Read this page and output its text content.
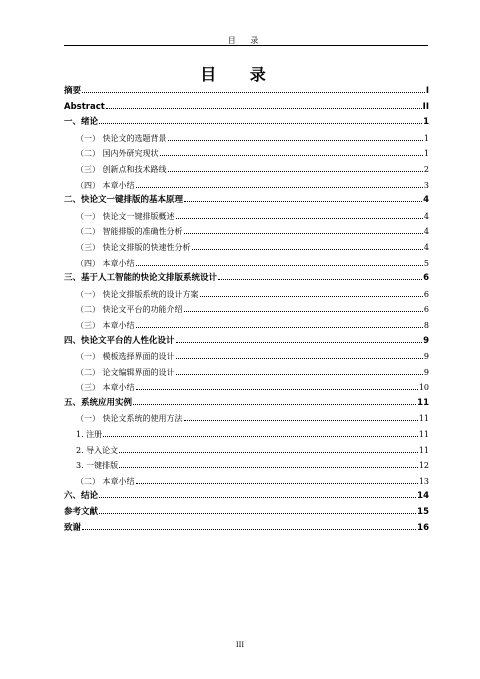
目 录
目 录
摘要	I
Abstract	II
一、绪论	1
（一） 快论文的选题背景	1
（二） 国内外研究现状	1
（三） 创新点和技术路线	2
（四） 本章小结	3
二、快论文一键排版的基本原理	4
（一） 快论文一键排版概述	4
（二） 智能排版的准确性分析	4
（三） 快论文排版的快速性分析	4
（四） 本章小结	5
三、基于人工智能的快论文排版系统设计	6
（一） 快论文排版系统的设计方案	6
（二） 快论文平台的功能介绍	6
（三） 本章小结	8
四、快论文平台的人性化设计	9
（一） 模板选择界面的设计	9
（二） 论文编辑界面的设计	9
（三） 本章小结	10
五、系统应用实例	11
（一） 快论文系统的使用方法	11
1. 注册	11
2. 导入论文	11
3. 一键排版	12
（二） 本章小结	13
六、结论	14
参考文献	15
致谢	16
III
